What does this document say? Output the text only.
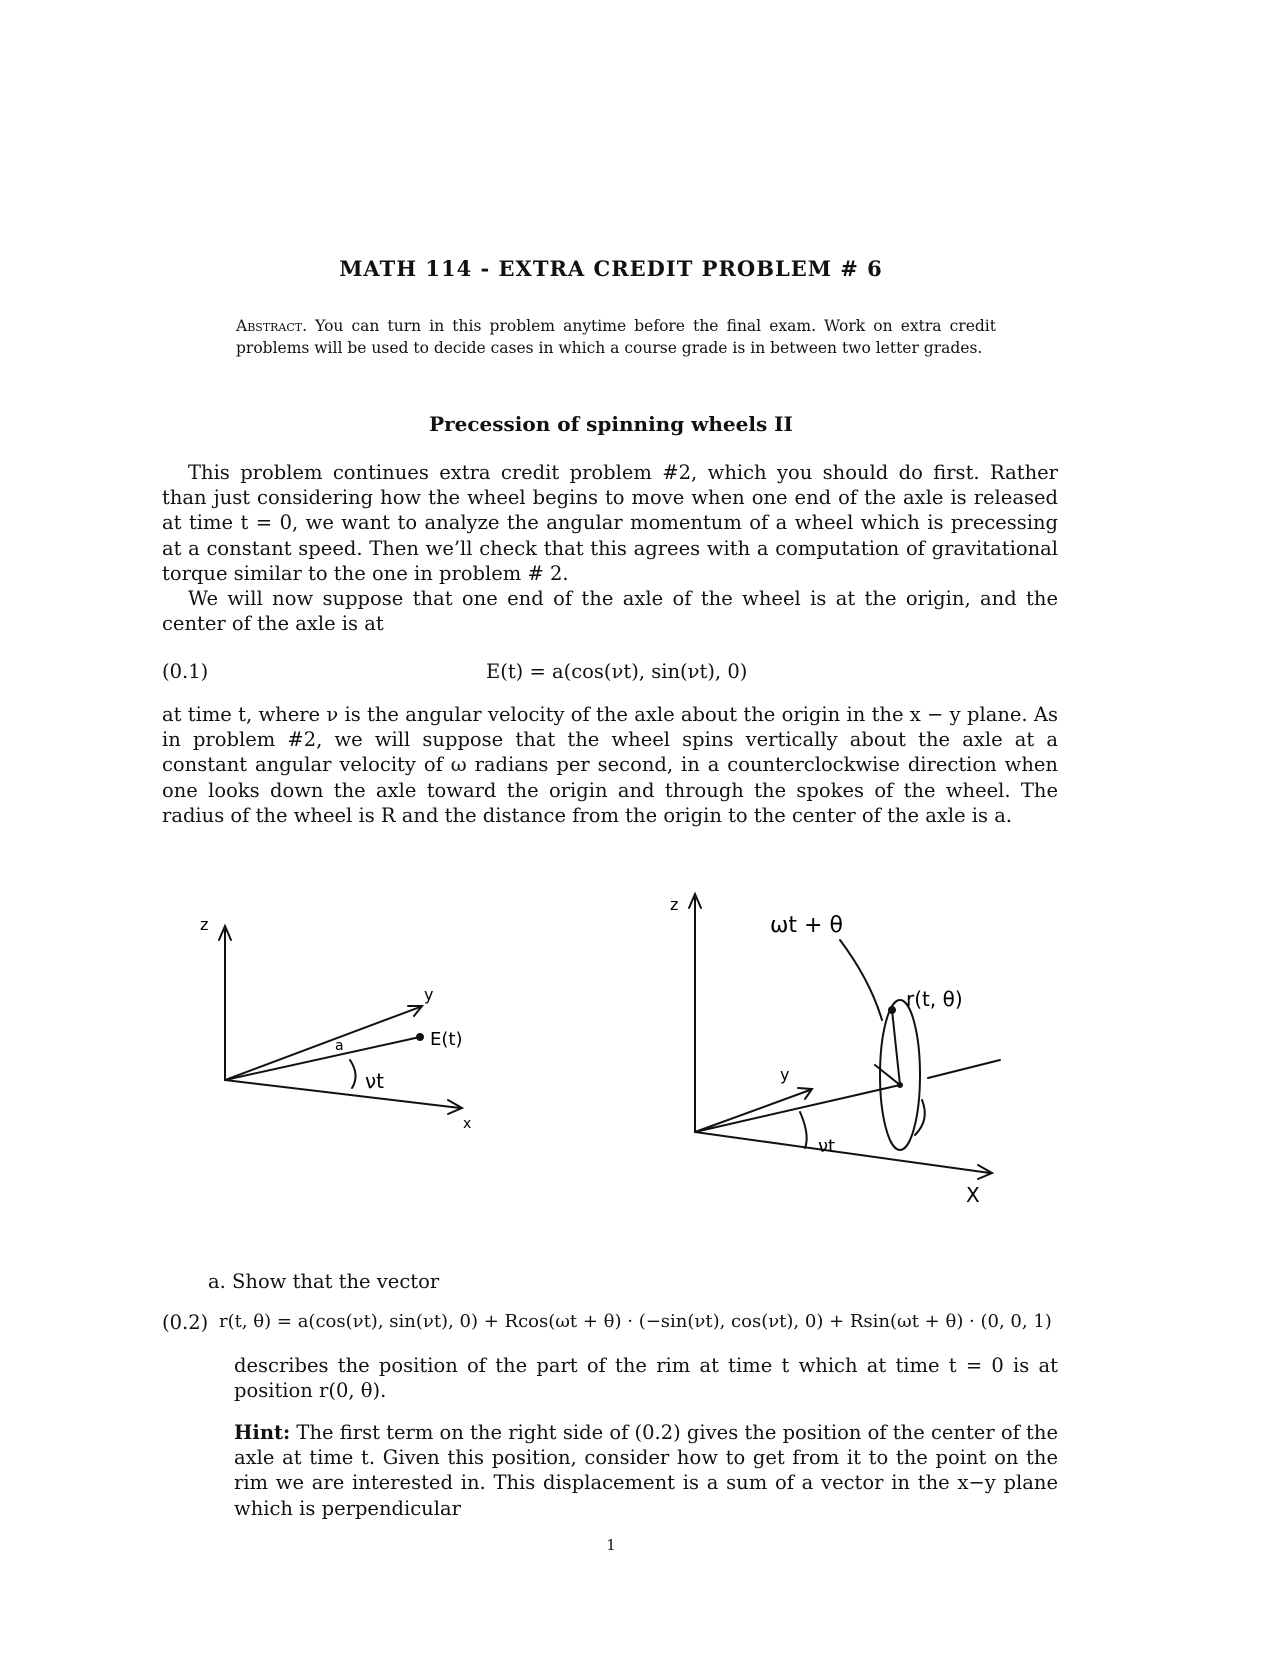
MATH 114 - EXTRA CREDIT PROBLEM # 6
Abstract. You can turn in this problem anytime before the final exam. Work on extra credit problems will be used to decide cases in which a course grade is in between two letter grades.
Precession of spinning wheels II

This problem continues extra credit problem #2, which you should do first. Rather than just considering how the wheel begins to move when one end of the axle is released at time t = 0, we want to analyze the angular momentum of a wheel which is precessing at a constant speed. Then we’ll check that this agrees with a computation of gravitational torque similar to the one in problem # 2.

We will now suppose that one end of the axle of the wheel is at the origin, and the center of the axle is at

(0.1)	E(t) = a(cos(νt), sin(νt), 0)

at time t, where ν is the angular velocity of the axle about the origin in the x − y plane. As in problem #2, we will suppose that the wheel spins vertically about the axle at a constant angular velocity of ω radians per second, in a counterclockwise direction when one looks down the axle toward the origin and through the spokes of the wheel. The radius of the wheel is R and the distance from the origin to the center of the axle is a.

z
y
x
a	E(t)
νt
z
y
X
ωt + θ
r(t, θ)
νt
a. Show that the vector
(0.2) r(t, θ) = a(cos(νt), sin(νt), 0) + Rcos(ωt + θ) · (−sin(νt), cos(νt), 0) + Rsin(ωt + θ) · (0, 0, 1)
describes the position of the part of the rim at time t which at time t = 0 is at position r(0, θ).
Hint: The first term on the right side of (0.2) gives the position of the center of the axle at time t. Given this position, consider how to get from it to the point on the rim we are interested in. This displacement is a sum of a vector in the x−y plane which is perpendicular
1
